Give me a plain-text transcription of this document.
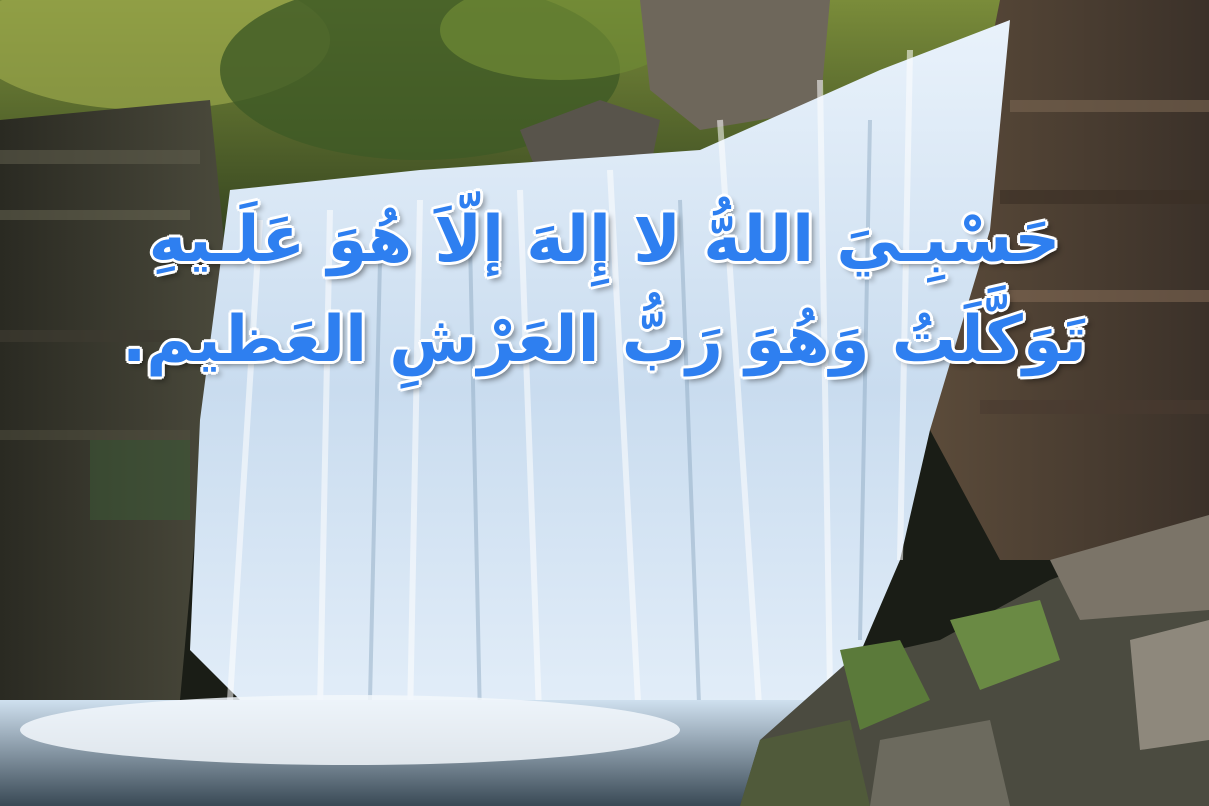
حَسْبِـيَ اللهُّ لا إِلهَ إلّاَ هُوَ عَلَـيهِ
تَوَكَّلَتُ وَهُوَ رَبُّ العَرْشِ العَظيم.
